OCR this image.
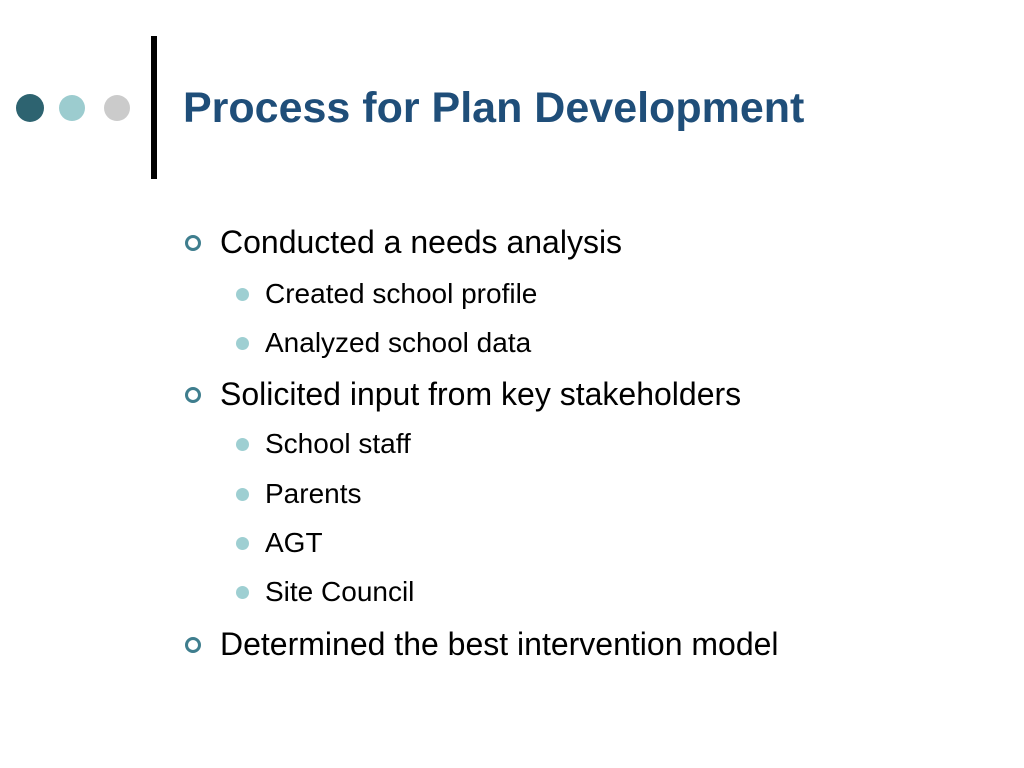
Process for Plan Development
Conducted a needs analysis
Created school profile
Analyzed school data
Solicited input from key stakeholders
School staff
Parents
AGT
Site Council
Determined the best intervention model
